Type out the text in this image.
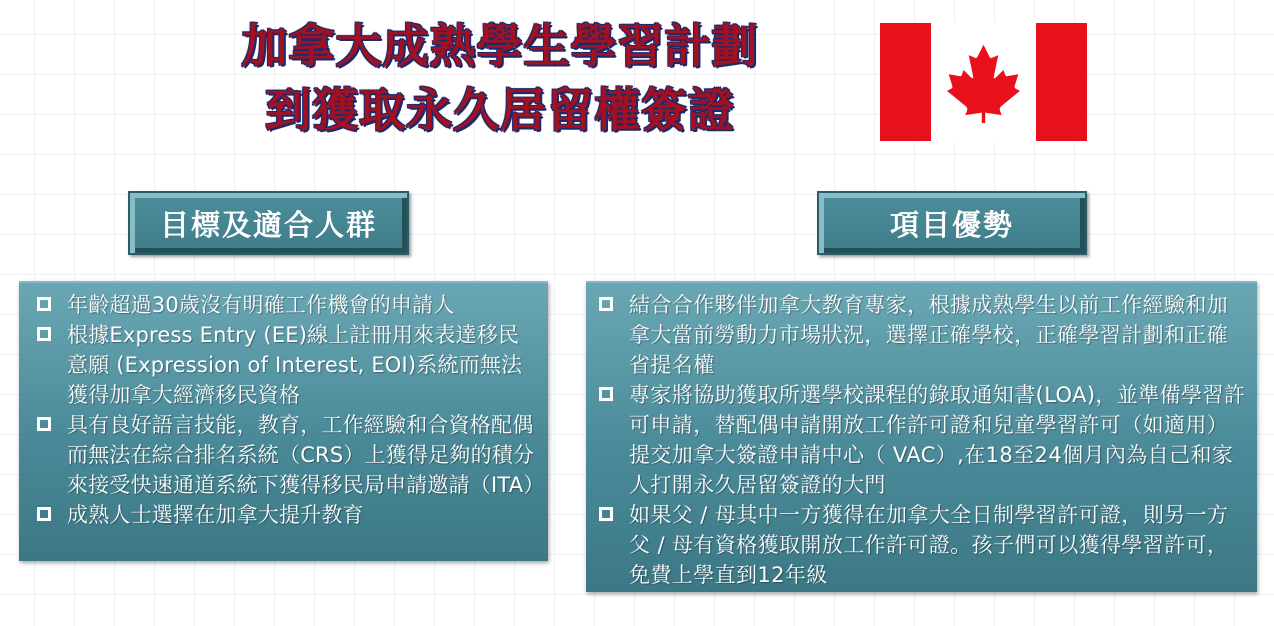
加拿大成熟學生學習計劃
到獲取永久居留權簽證
目標及適合人群	項目優勢
年齡超過30歲沒有明確工作機會的申請人
根據Express Entry (EE)線上註冊用來表達移民意願 (Expression of Interest, EOI)系統而無法獲得加拿大經濟移民資格
具有良好語言技能，教育，工作經驗和合資格配偶而無法在綜合排名系統（CRS）上獲得足夠的積分來接受快速通道系統下獲得移民局申請邀請（ITA）
成熟人士選擇在加拿大提升教育
結合合作夥伴加拿大教育專家，根據成熟學生以前工作經驗和加拿大當前勞動力市場狀況，選擇正確學校，正確學習計劃和正確省提名權
專家將協助獲取所選學校課程的錄取通知書(LOA)，並準備學習許可申請，替配偶申請開放工作許可證和兒童學習許可（如適用）提交加拿大簽證申請中心（ VAC）,在18至24個月內為自己和家人打開永久居留簽證的大門
如果父 / 母其中一方獲得在加拿大全日制學習許可證，則另一方父 / 母有資格獲取開放工作許可證。孩子們可以獲得學習許可，免費上學直到12年級
